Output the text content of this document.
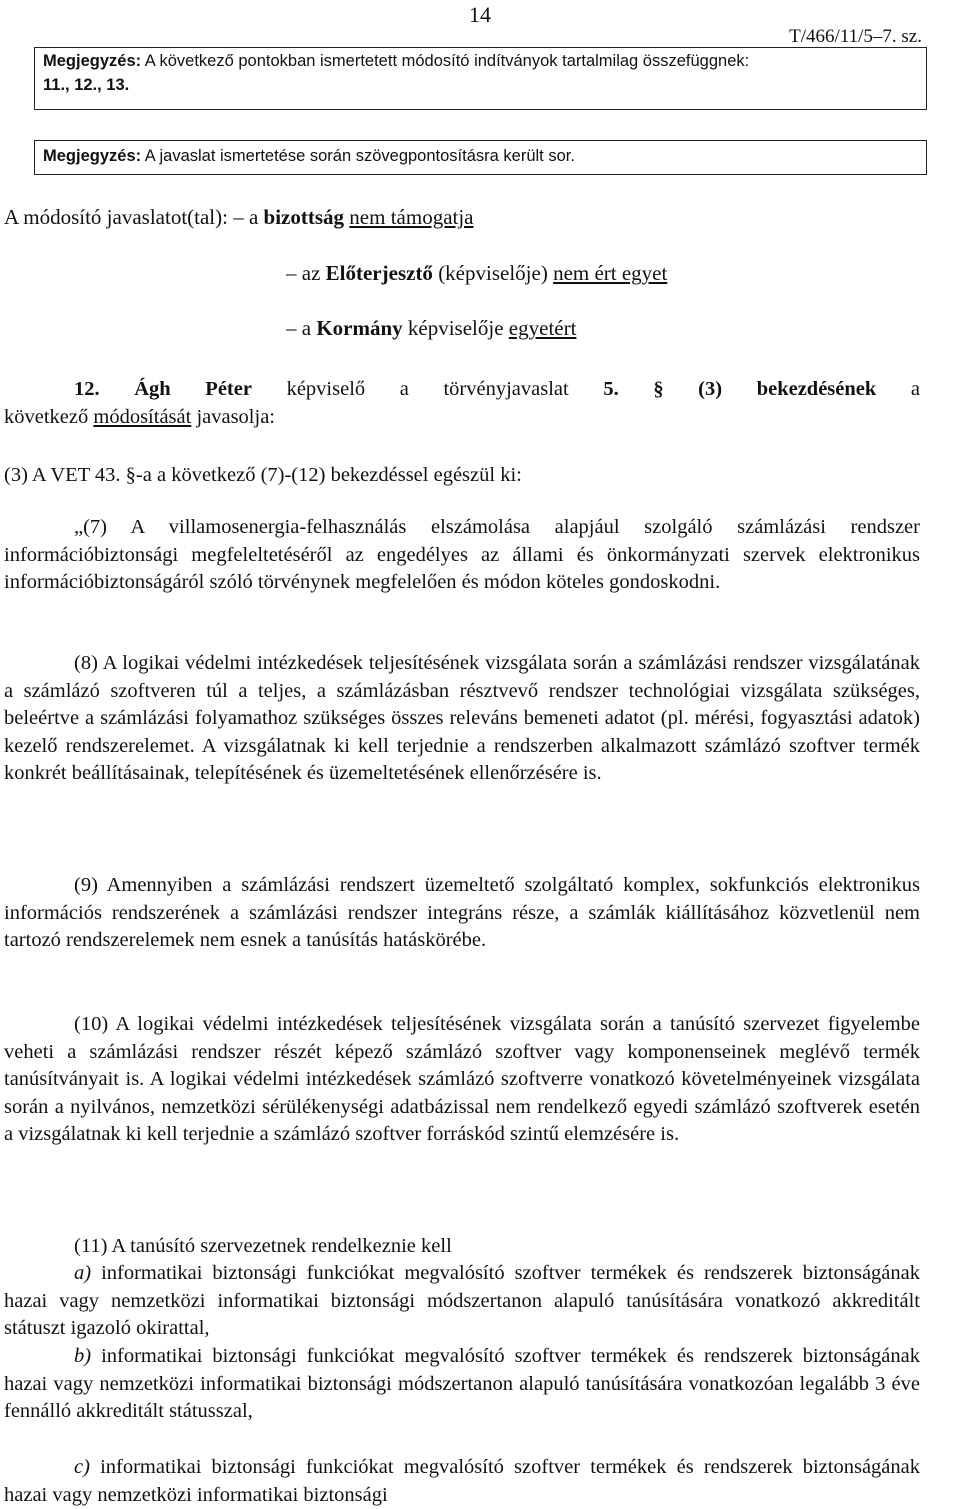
14
T/466/11/5–7. sz.
Megjegyzés: A következő pontokban ismertetett módosító indítványok tartalmilag összefüggnek:
11., 12., 13.
Megjegyzés: A javaslat ismertetése során szövegpontosításra került sor.
A módosító javaslatot(tal): – a bizottság nem támogatja
– az Előterjesztő (képviselője) nem ért egyet
– a Kormány képviselője egyetért
12. Ágh Péter képviselő a törvényjavaslat 5. § (3) bekezdésének a
következő módosítását javasolja:
(3) A VET 43. §-a a következő (7)-(12) bekezdéssel egészül ki:
„(7) A villamosenergia-felhasználás elszámolása alapjául szolgáló számlázási rendszer információbiztonsági megfeleltetéséről az engedélyes az állami és önkormányzati szervek elektronikus információbiztonságáról szóló törvénynek megfelelően és módon köteles gondoskodni.
(8) A logikai védelmi intézkedések teljesítésének vizsgálata során a számlázási rendszer vizsgálatának a számlázó szoftveren túl a teljes, a számlázásban résztvevő rendszer technológiai vizsgálata szükséges, beleértve a számlázási folyamathoz szükséges összes releváns bemeneti adatot (pl. mérési, fogyasztási adatok) kezelő rendszerelemet. A vizsgálatnak ki kell terjednie a rendszerben alkalmazott számlázó szoftver termék konkrét beállításainak, telepítésének és üzemeltetésének ellenőrzésére is.
(9) Amennyiben a számlázási rendszert üzemeltető szolgáltató komplex, sokfunkciós elektronikus információs rendszerének a számlázási rendszer integráns része, a számlák kiállításához közvetlenül nem tartozó rendszerelemek nem esnek a tanúsítás hatáskörébe.
(10) A logikai védelmi intézkedések teljesítésének vizsgálata során a tanúsító szervezet figyelembe veheti a számlázási rendszer részét képező számlázó szoftver vagy komponenseinek meglévő termék tanúsítványait is. A logikai védelmi intézkedések számlázó szoftverre vonatkozó követelményeinek vizsgálata során a nyilvános, nemzetközi sérülékenységi adatbázissal nem rendelkező egyedi számlázó szoftverek esetén a vizsgálatnak ki kell terjednie a számlázó szoftver forráskód szintű elemzésére is.
(11) A tanúsító szervezetnek rendelkeznie kell
a) informatikai biztonsági funkciókat megvalósító szoftver termékek és rendszerek biztonságának hazai vagy nemzetközi informatikai biztonsági módszertanon alapuló tanúsítására vonatkozó akkreditált státuszt igazoló okirattal,
b) informatikai biztonsági funkciókat megvalósító szoftver termékek és rendszerek biztonságának hazai vagy nemzetközi informatikai biztonsági módszertanon alapuló tanúsítására vonatkozóan legalább 3 éve fennálló akkreditált státusszal,
c) informatikai biztonsági funkciókat megvalósító szoftver termékek és rendszerek biztonságának hazai vagy nemzetközi informatikai biztonsági
